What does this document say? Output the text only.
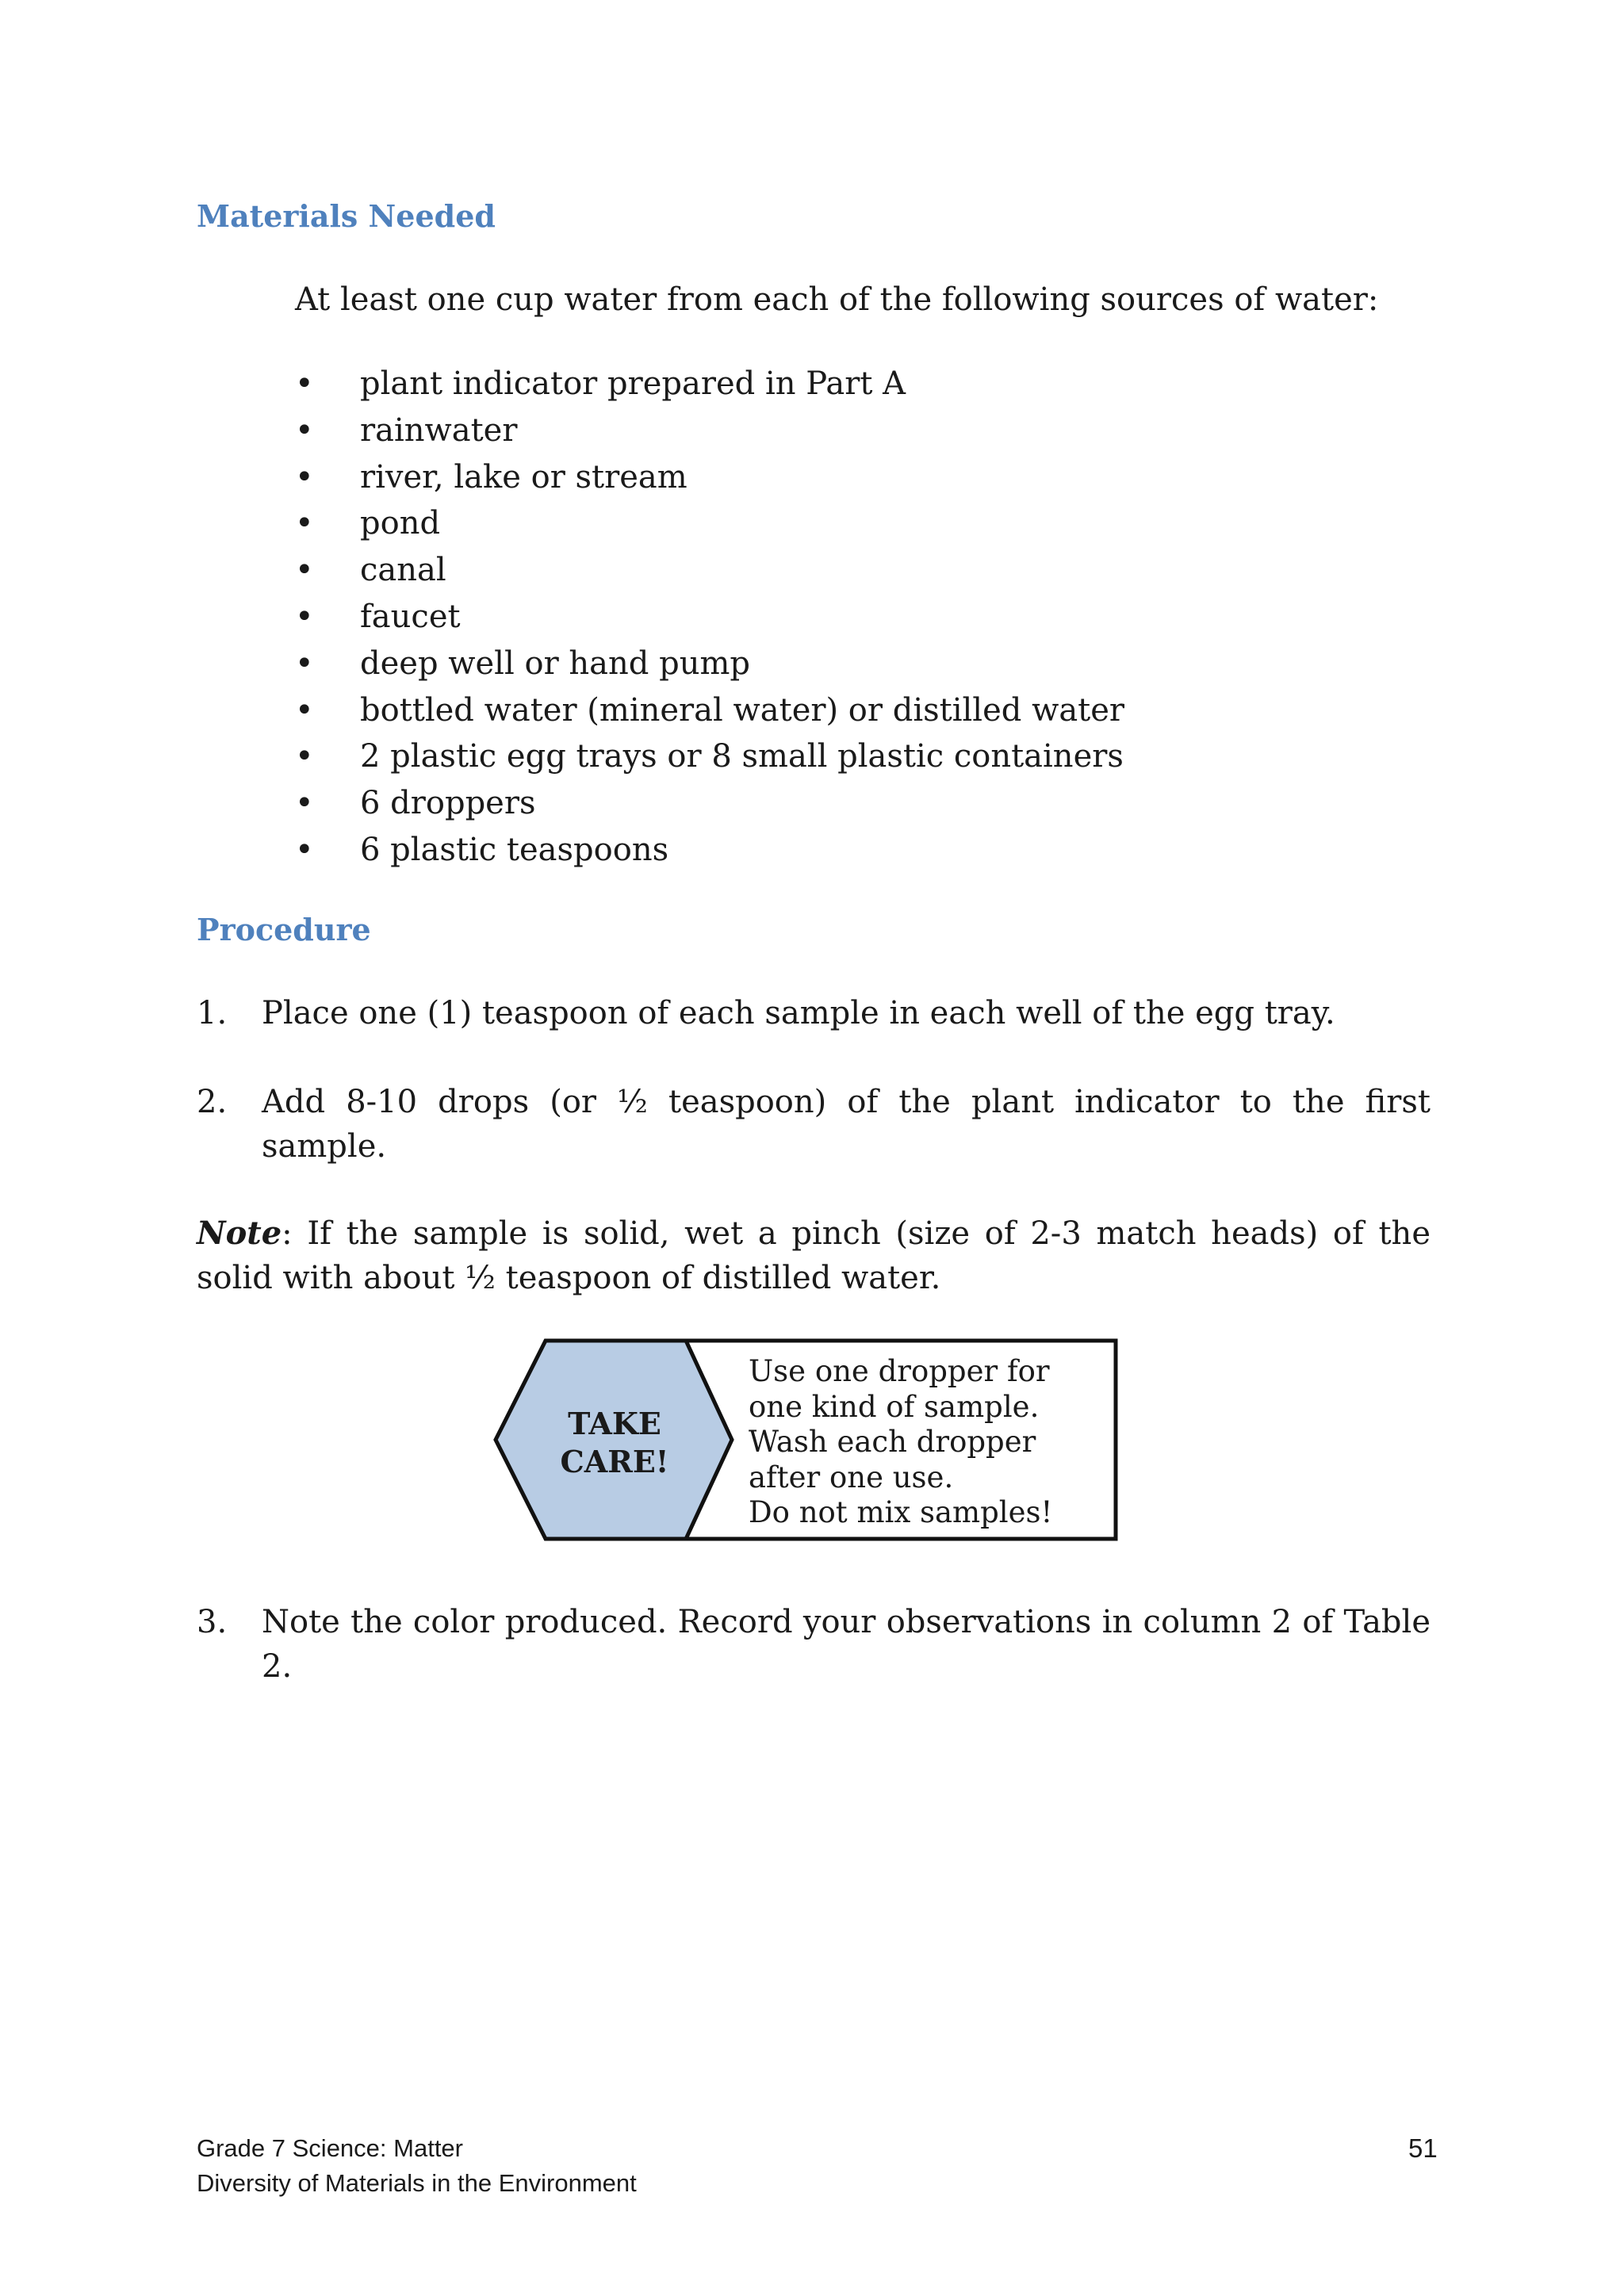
Materials Needed

At least one cup water from each of the following sources of water:

• plant indicator prepared in Part A
• rainwater
• river, lake or stream
• pond
• canal
• faucet
• deep well or hand pump
• bottled water (mineral water) or distilled water
• 2 plastic egg trays or 8 small plastic containers
• 6 droppers
• 6 plastic teaspoons
Procedure
1. Place one (1) teaspoon of each sample in each well of the egg tray.
2. Add 8-10 drops (or ½ teaspoon) of the plant indicator to the first sample.
Note: If the sample is solid, wet a pinch (size of 2-3 match heads) of the solid with about ½ teaspoon of distilled water.
TAKE
CARE!
Use one dropper for
one kind of sample.
Wash each dropper
after one use.
Do not mix samples!
3. Note the color produced. Record your observations in column 2 of Table 2.
Grade 7 Science: Matter
Diversity of Materials in the Environment
51
